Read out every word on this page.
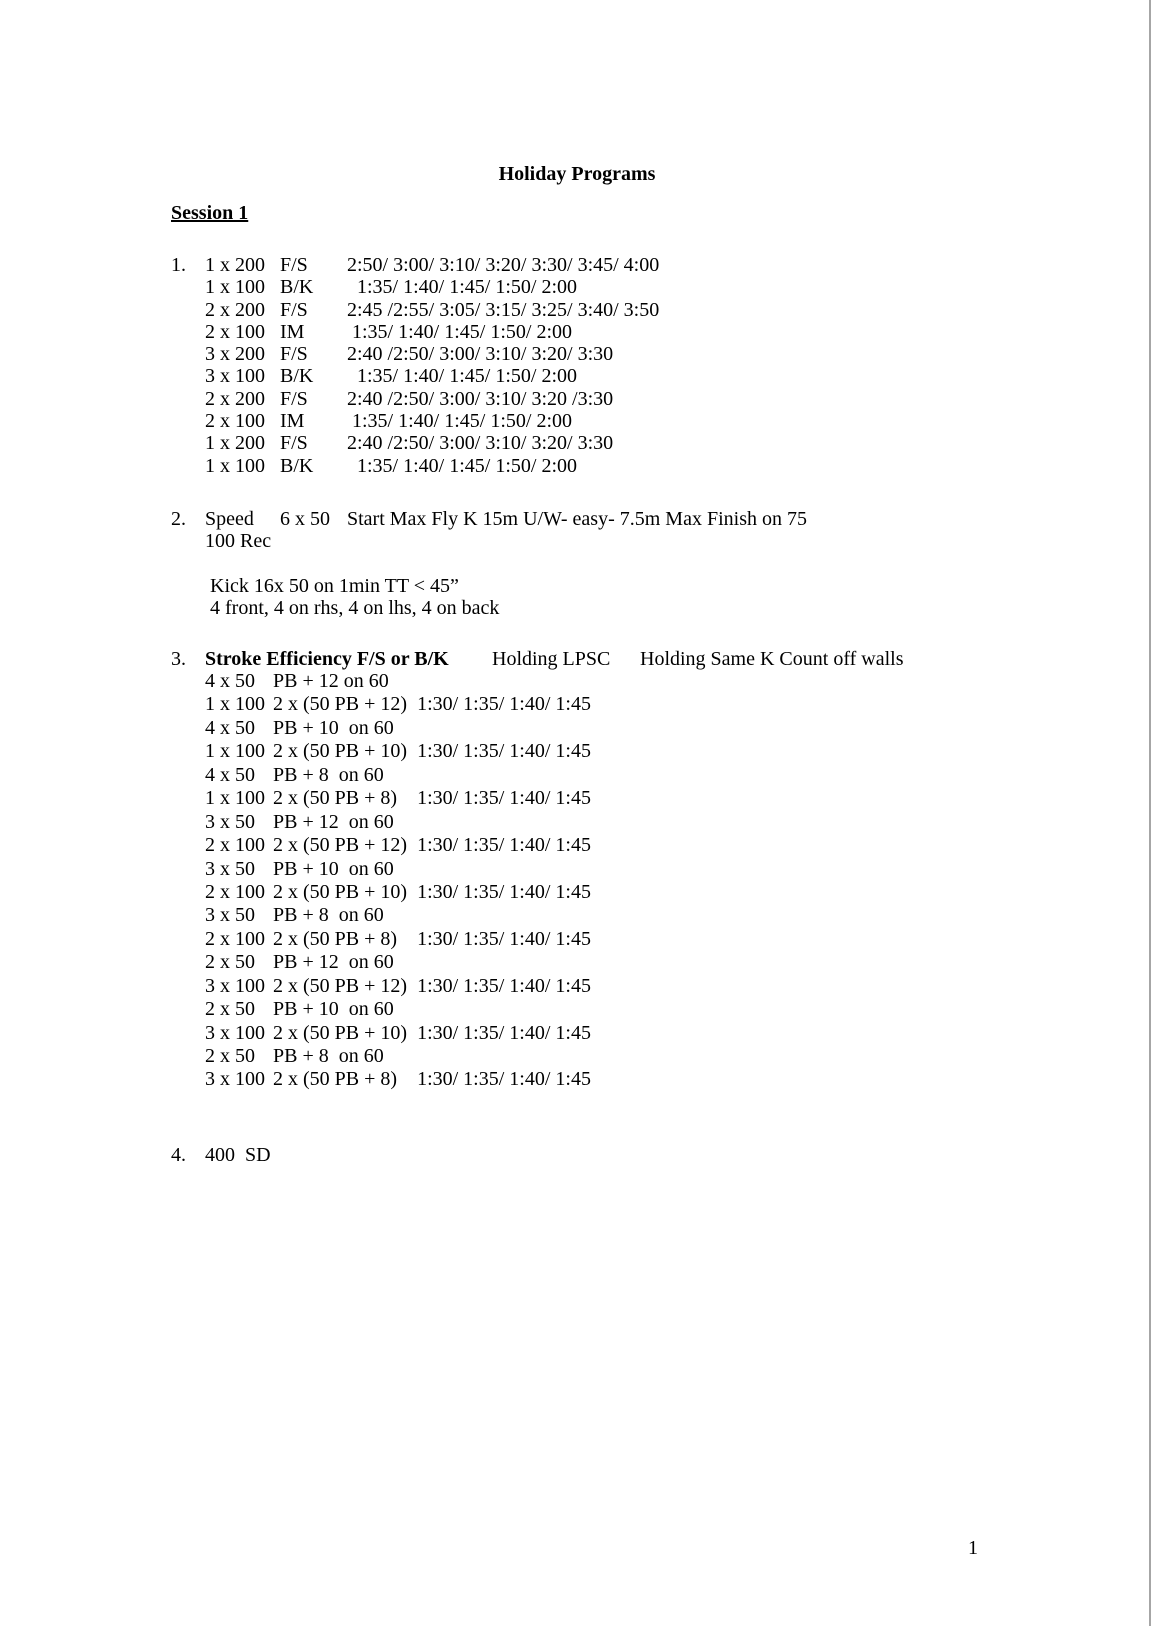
Holiday Programs
Session 1
1. 1 x 200 F/S 2:50/ 3:00/ 3:10/ 3:20/ 3:30/ 3:45/ 4:00
1 x 100 B/K  1:35/ 1:40/ 1:45/ 1:50/ 2:00
2 x 200 F/S 2:45 /2:55/ 3:05/ 3:15/ 3:25/ 3:40/ 3:50
2 x 100 IM 1:35/ 1:40/ 1:45/ 1:50/ 2:00
3 x 200 F/S 2:40 /2:50/ 3:00/ 3:10/ 3:20/ 3:30
3 x 100 B/K  1:35/ 1:40/ 1:45/ 1:50/ 2:00
2 x 200 F/S 2:40 /2:50/ 3:00/ 3:10/ 3:20 /3:30
2 x 100 IM 1:35/ 1:40/ 1:45/ 1:50/ 2:00
1 x 200 F/S 2:40 /2:50/ 3:00/ 3:10/ 3:20/ 3:30
1 x 100 B/K  1:35/ 1:40/ 1:45/ 1:50/ 2:00
2. Speed 6 x 50 Start Max Fly K 15m U/W- easy- 7.5m Max Finish on 75
100 Rec
Kick 16x 50 on 1min TT < 45”
4 front, 4 on rhs, 4 on lhs, 4 on back
3. Stroke Efficiency F/S or B/K Holding LPSC Holding Same K Count off walls
4 x 50 PB + 12 on 60
1 x 100 2 x (50 PB + 12)  1:30/ 1:35/ 1:40/ 1:45
4 x 50 PB + 10  on 60
1 x 100 2 x (50 PB + 10)  1:30/ 1:35/ 1:40/ 1:45
4 x 50 PB + 8  on 60
1 x 100 2 x (50 PB + 8)    1:30/ 1:35/ 1:40/ 1:45
3 x 50 PB + 12  on 60
2 x 100 2 x (50 PB + 12)  1:30/ 1:35/ 1:40/ 1:45
3 x 50 PB + 10  on 60
2 x 100 2 x (50 PB + 10)  1:30/ 1:35/ 1:40/ 1:45
3 x 50 PB + 8  on 60
2 x 100 2 x (50 PB + 8)    1:30/ 1:35/ 1:40/ 1:45
2 x 50 PB + 12  on 60
3 x 100 2 x (50 PB + 12)  1:30/ 1:35/ 1:40/ 1:45
2 x 50 PB + 10  on 60
3 x 100 2 x (50 PB + 10)  1:30/ 1:35/ 1:40/ 1:45
2 x 50 PB + 8  on 60
3 x 100 2 x (50 PB + 8)    1:30/ 1:35/ 1:40/ 1:45
4. 400  SD
1
